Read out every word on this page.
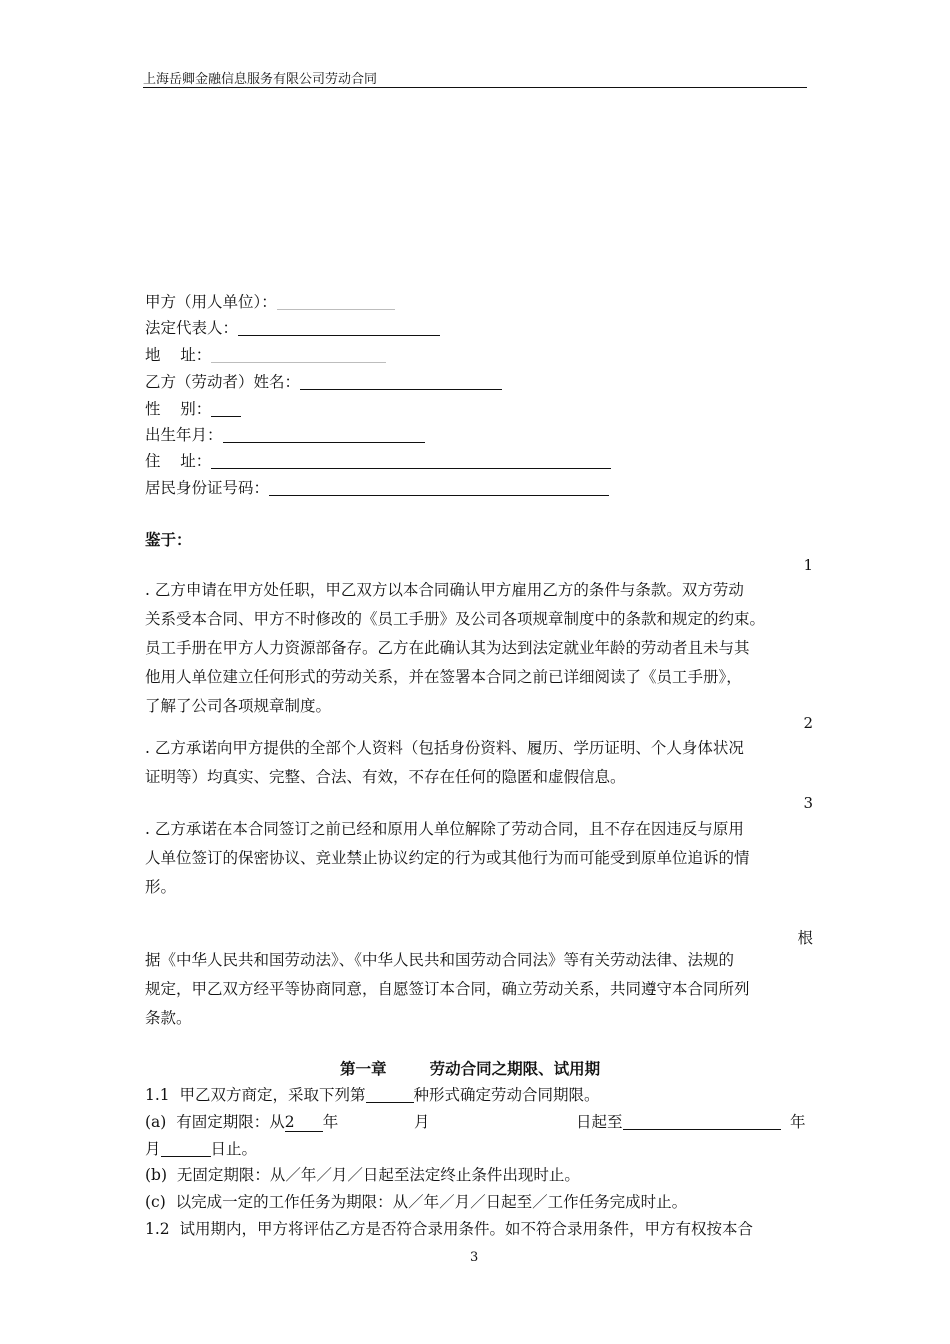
上海岳卿金融信息服务有限公司劳动合同
甲方（用人单位）：
法定代表人：
地    址：
乙方（劳动者）姓名：
性    别：
出生年月：
住    址：
居民身份证号码：
鉴于：
1
. 乙方申请在甲方处任职，甲乙双方以本合同确认甲方雇用乙方的条件与条款。双方劳动
关系受本合同、甲方不时修改的《员工手册》及公司各项规章制度中的条款和规定的约束。
员工手册在甲方人力资源部备存。乙方在此确认其为达到法定就业年龄的劳动者且未与其
他用人单位建立任何形式的劳动关系，并在签署本合同之前已详细阅读了《员工手册》，
了解了公司各项规章制度。
2
. 乙方承诺向甲方提供的全部个人资料（包括身份资料、履历、学历证明、个人身体状况
证明等）均真实、完整、合法、有效，不存在任何的隐匿和虚假信息。
3
. 乙方承诺在本合同签订之前已经和原用人单位解除了劳动合同，且不存在因违反与原用
人单位签订的保密协议、竞业禁止协议约定的行为或其他行为而可能受到原单位追诉的情
形。
根
据《中华人民共和国劳动法》、《中华人民共和国劳动合同法》等有关劳动法律、法规的
规定，甲乙双方经平等协商同意，自愿签订本合同，确立劳动关系，共同遵守本合同所列
条款。
第一章        劳动合同之期限、试用期
1.1  甲乙双方商定，采取下列第	种形式确定劳动合同期限。
(a)  有固定期限：从2 年	月	日起至	年
月	日止。
(b)  无固定期限：从／年／月／日起至法定终止条件出现时止。
(c)  以完成一定的工作任务为期限：从／年／月／日起至／工作任务完成时止。
1.2  试用期内，甲方将评估乙方是否符合录用条件。如不符合录用条件，甲方有权按本合
3
